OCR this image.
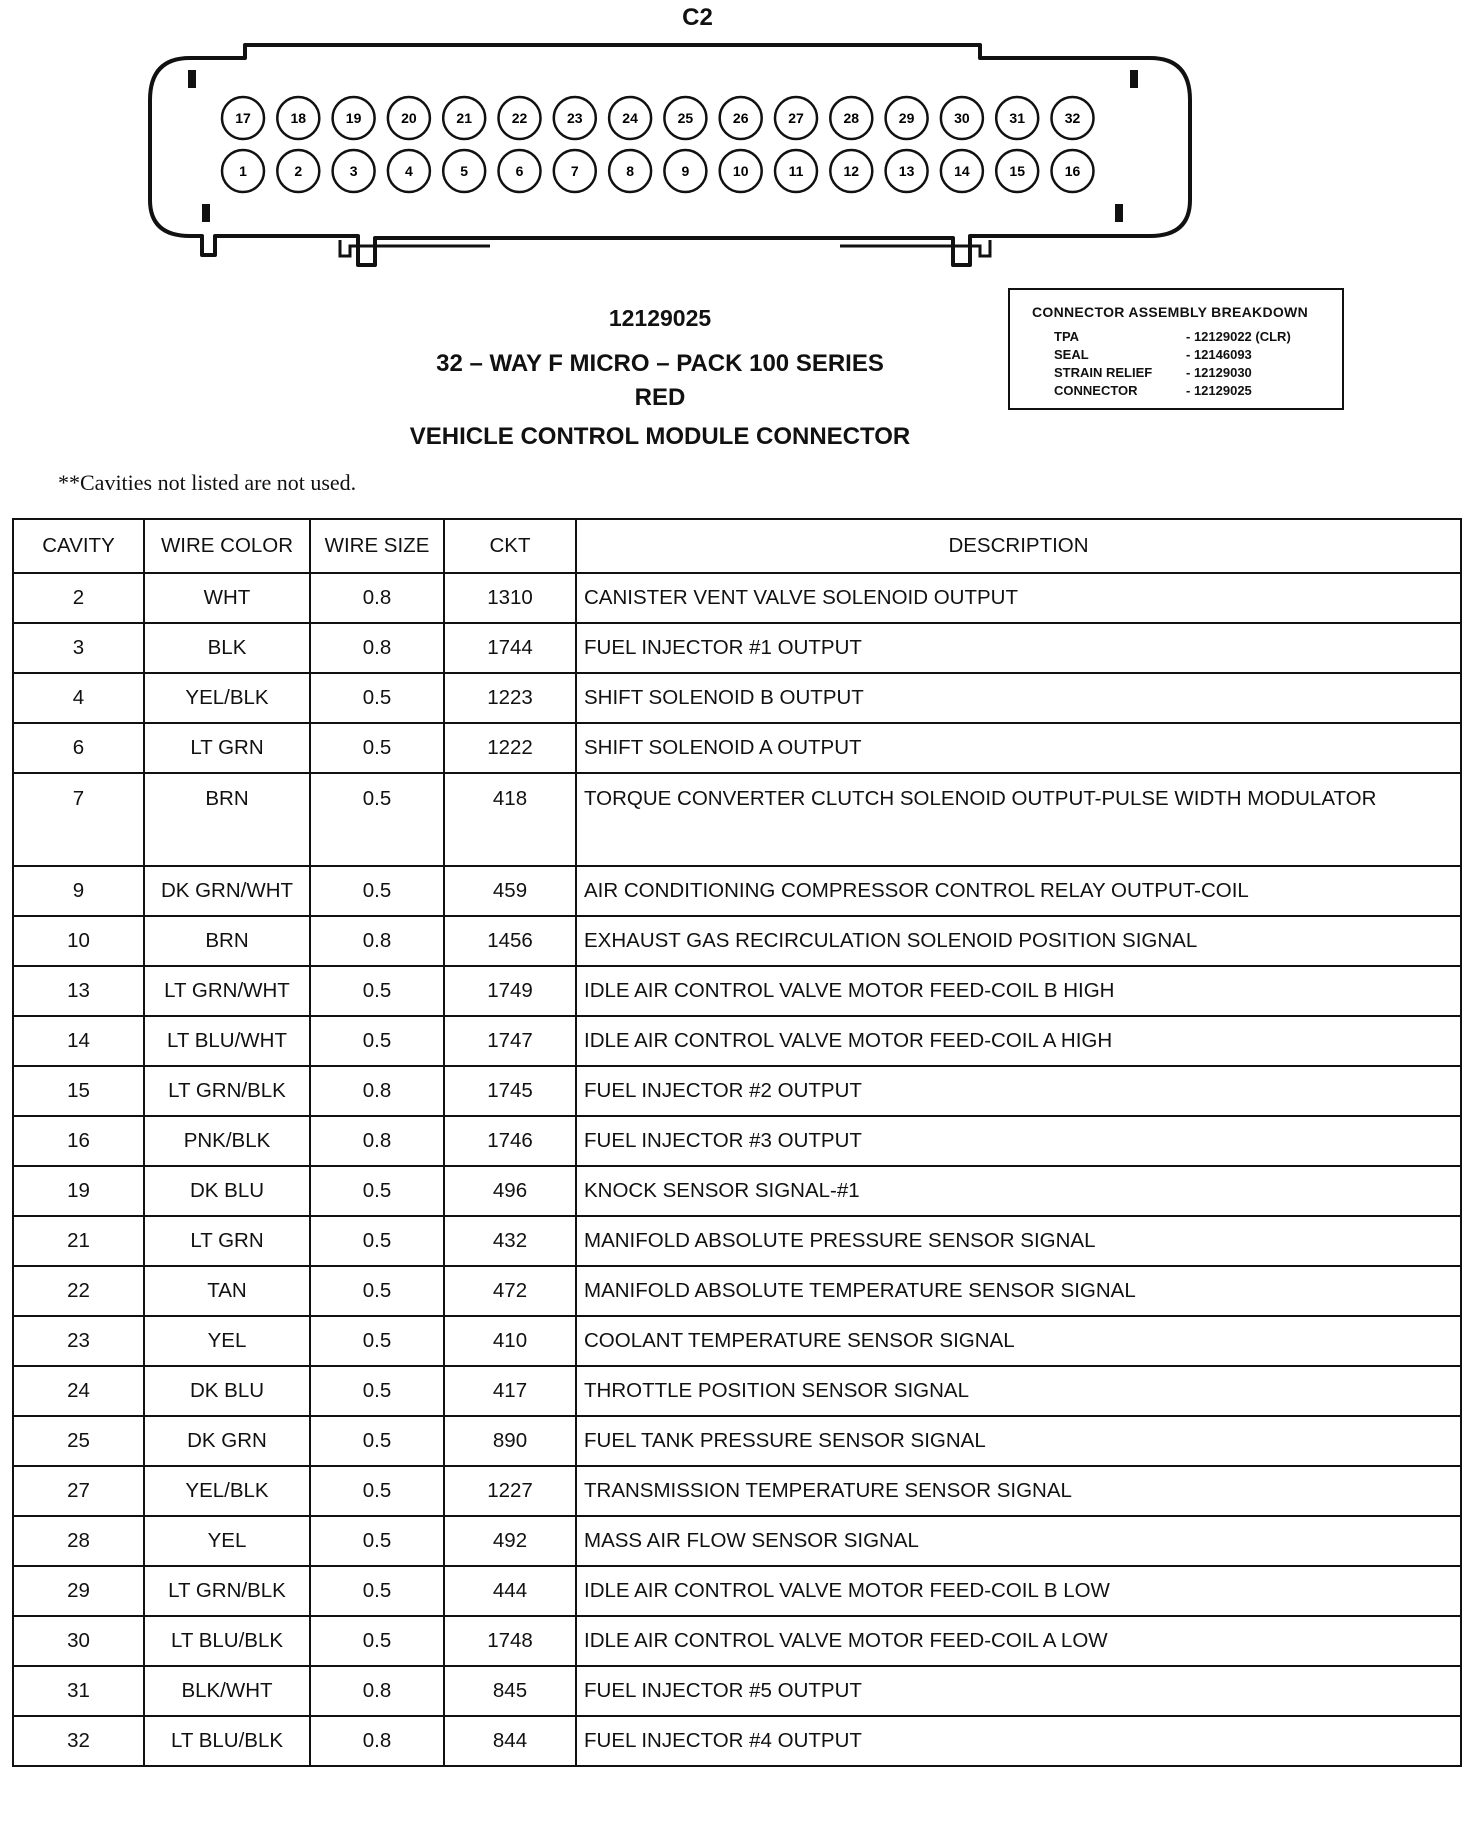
C2
17	18	19	20	21	22	23	24	25	26	27	28	29	30	31	32
1	2	3	4	5	6	7	8	9	10	11	12	13	14	15	16
12129025
32 – WAY F MICRO – PACK 100 SERIES
RED
VEHICLE CONTROL MODULE CONNECTOR
CONNECTOR ASSEMBLY BREAKDOWN
TPA	- 12129022 (CLR)
SEAL	- 12146093
STRAIN RELIEF	- 12129030
CONNECTOR	- 12129025
**Cavities not listed are not used.
CAVITY	WIRE COLOR	WIRE SIZE	CKT	DESCRIPTION
2	WHT	0.8	1310	CANISTER VENT VALVE SOLENOID OUTPUT
3	BLK	0.8	1744	FUEL INJECTOR #1 OUTPUT
4	YEL/BLK	0.5	1223	SHIFT SOLENOID B OUTPUT
6	LT GRN	0.5	1222	SHIFT SOLENOID A OUTPUT
7	BRN	0.5	418	TORQUE CONVERTER CLUTCH SOLENOID OUTPUT-PULSE WIDTH MODULATOR
9	DK GRN/WHT	0.5	459	AIR CONDITIONING COMPRESSOR CONTROL RELAY OUTPUT-COIL
10	BRN	0.8	1456	EXHAUST GAS RECIRCULATION SOLENOID POSITION SIGNAL
13	LT GRN/WHT	0.5	1749	IDLE AIR CONTROL VALVE MOTOR FEED-COIL B HIGH
14	LT BLU/WHT	0.5	1747	IDLE AIR CONTROL VALVE MOTOR FEED-COIL A HIGH
15	LT GRN/BLK	0.8	1745	FUEL INJECTOR #2 OUTPUT
16	PNK/BLK	0.8	1746	FUEL INJECTOR #3 OUTPUT
19	DK BLU	0.5	496	KNOCK SENSOR SIGNAL-#1
21	LT GRN	0.5	432	MANIFOLD ABSOLUTE PRESSURE SENSOR SIGNAL
22	TAN	0.5	472	MANIFOLD ABSOLUTE TEMPERATURE SENSOR SIGNAL
23	YEL	0.5	410	COOLANT TEMPERATURE SENSOR SIGNAL
24	DK BLU	0.5	417	THROTTLE POSITION SENSOR SIGNAL
25	DK GRN	0.5	890	FUEL TANK PRESSURE SENSOR SIGNAL
27	YEL/BLK	0.5	1227	TRANSMISSION TEMPERATURE SENSOR SIGNAL
28	YEL	0.5	492	MASS AIR FLOW SENSOR SIGNAL
29	LT GRN/BLK	0.5	444	IDLE AIR CONTROL VALVE MOTOR FEED-COIL B LOW
30	LT BLU/BLK	0.5	1748	IDLE AIR CONTROL VALVE MOTOR FEED-COIL A LOW
31	BLK/WHT	0.8	845	FUEL INJECTOR #5 OUTPUT
32	LT BLU/BLK	0.8	844	FUEL INJECTOR #4 OUTPUT
